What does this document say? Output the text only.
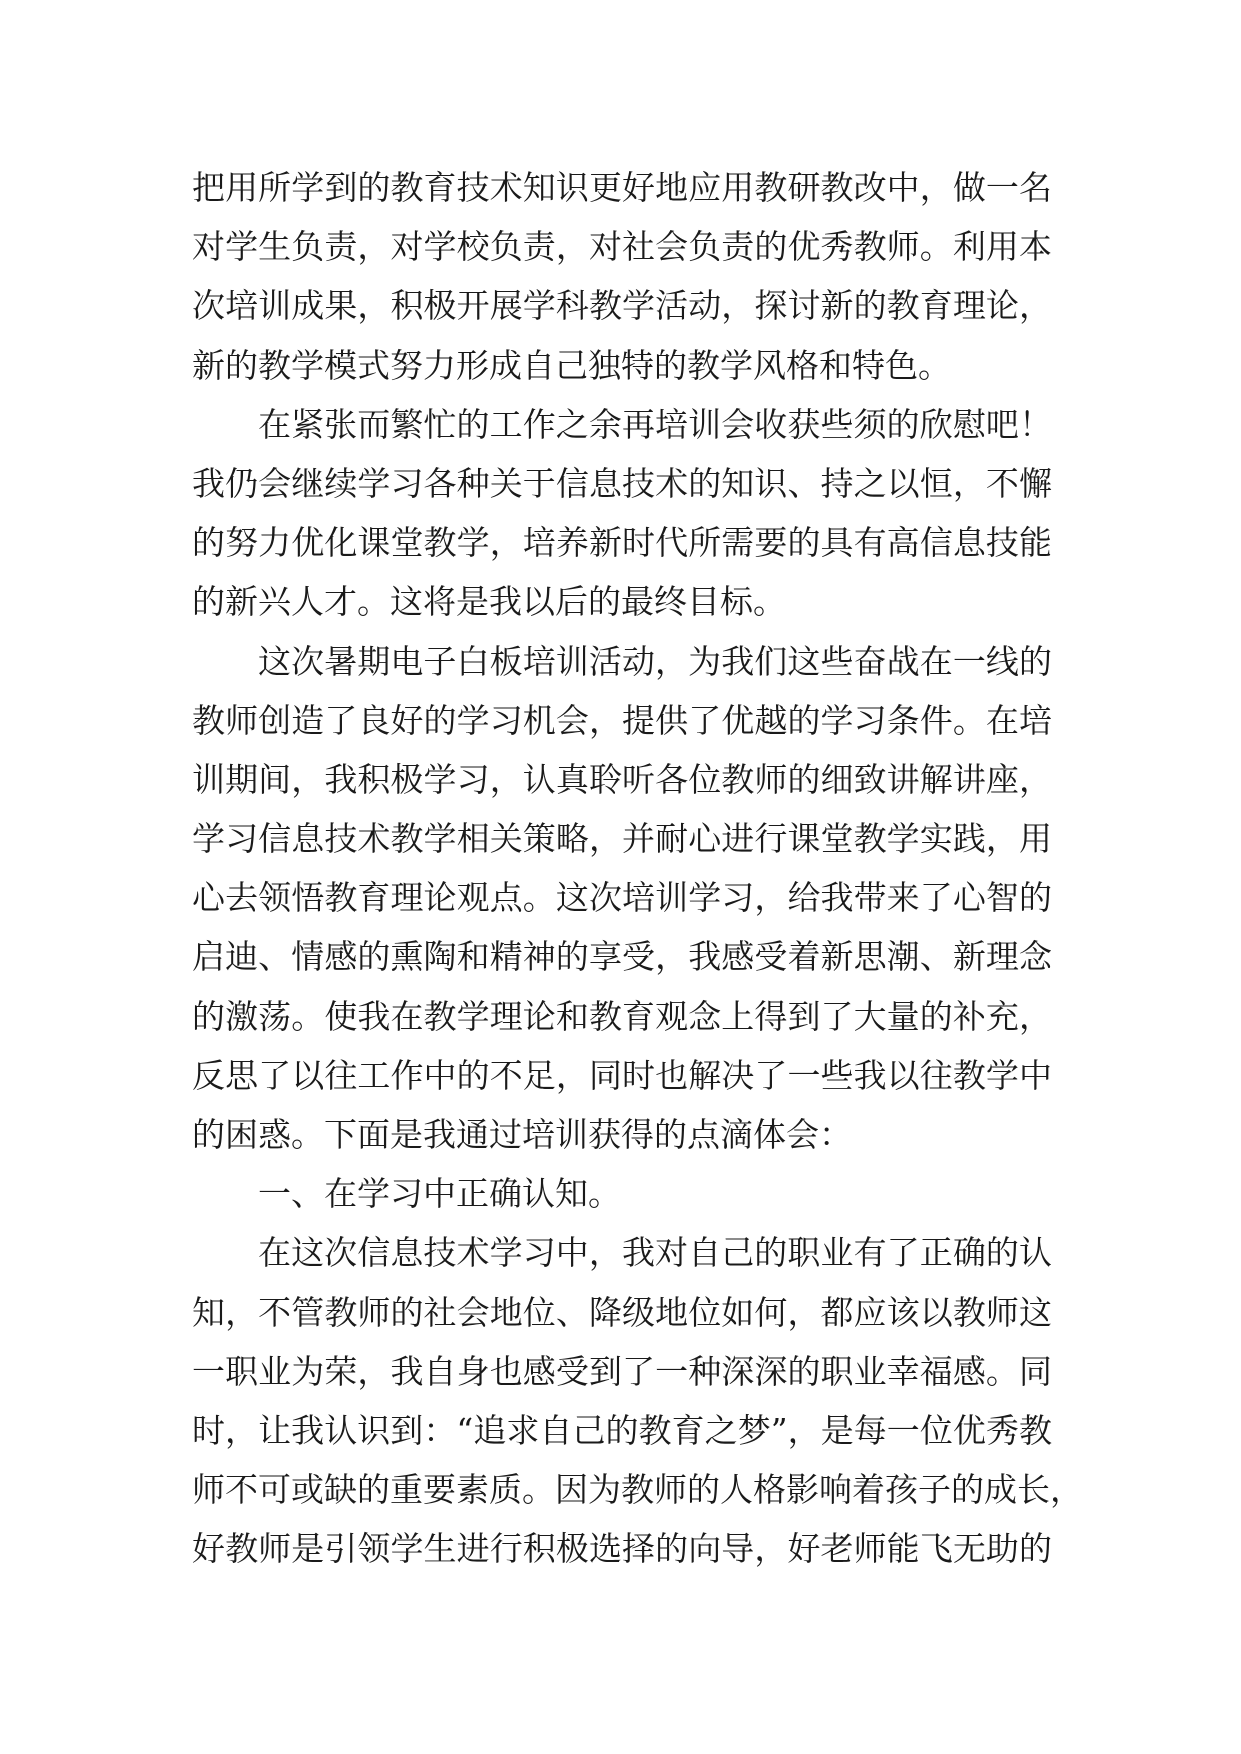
把用所学到的教育技术知识更好地应用教研教改中，做一名
对学生负责，对学校负责，对社会负责的优秀教师。利用本
次培训成果，积极开展学科教学活动，探讨新的教育理论，
新的教学模式努力形成自己独特的教学风格和特色。
在紧张而繁忙的工作之余再培训会收获些须的欣慰吧！
我仍会继续学习各种关于信息技术的知识、持之以恒，不懈
的努力优化课堂教学，培养新时代所需要的具有高信息技能
的新兴人才。这将是我以后的最终目标。
这次暑期电子白板培训活动，为我们这些奋战在一线的
教师创造了良好的学习机会，提供了优越的学习条件。在培
训期间，我积极学习，认真聆听各位教师的细致讲解讲座，
学习信息技术教学相关策略，并耐心进行课堂教学实践，用
心去领悟教育理论观点。这次培训学习，给我带来了心智的
启迪、情感的熏陶和精神的享受，我感受着新思潮、新理念
的激荡。使我在教学理论和教育观念上得到了大量的补充，
反思了以往工作中的不足，同时也解决了一些我以往教学中
的困惑。下面是我通过培训获得的点滴体会：
一、在学习中正确认知。
在这次信息技术学习中，我对自己的职业有了正确的认
知，不管教师的社会地位、降级地位如何，都应该以教师这
一职业为荣，我自身也感受到了一种深深的职业幸福感。同
时，让我认识到：“追求自己的教育之梦”，是每一位优秀教
师不可或缺的重要素质。因为教师的人格影响着孩子的成长，
好教师是引领学生进行积极选择的向导，好老师能飞无助的
